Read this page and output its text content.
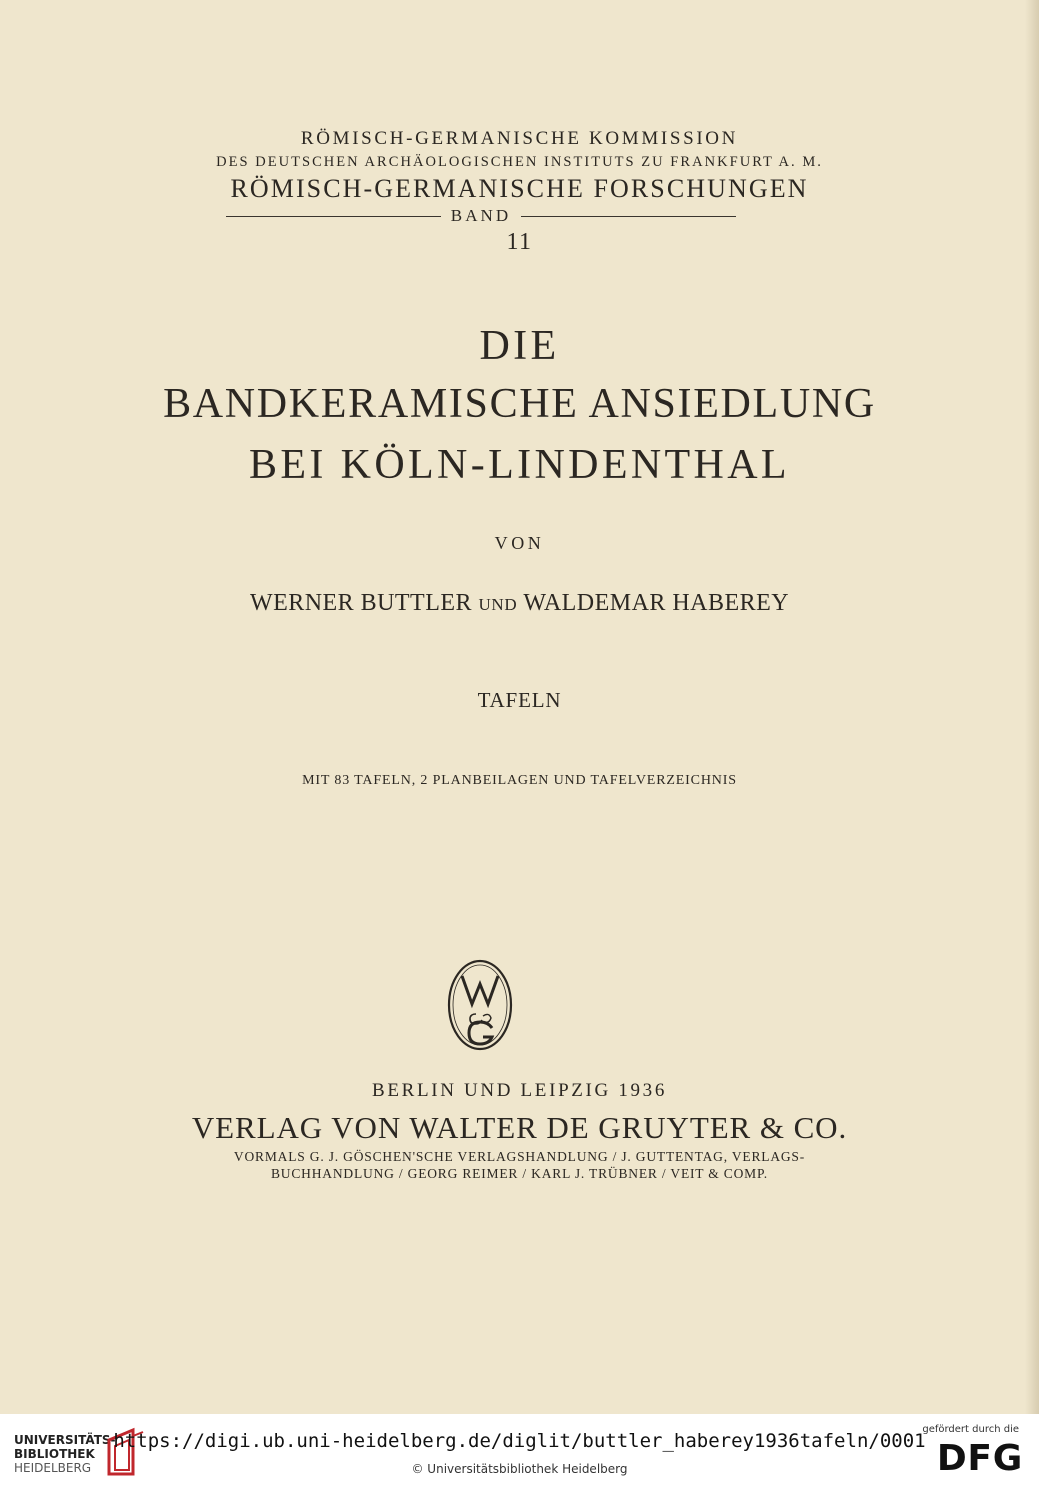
RÖMISCH-GERMANISCHE KOMMISSION
DES DEUTSCHEN ARCHÄOLOGISCHEN INSTITUTS ZU FRANKFURT A. M.
RÖMISCH-GERMANISCHE FORSCHUNGEN
BAND
11
DIE
BANDKERAMISCHE ANSIEDLUNG
BEI KÖLN-LINDENTHAL
VON
WERNER BUTTLER UND WALDEMAR HABEREY
TAFELN
MIT 83 TAFELN, 2 PLANBEILAGEN UND TAFELVERZEICHNIS
BERLIN UND LEIPZIG 1936
VERLAG VON WALTER DE GRUYTER & CO.
VORMALS G. J. GÖSCHEN'SCHE VERLAGSHANDLUNG / J. GUTTENTAG, VERLAGS-
BUCHHANDLUNG / GEORG REIMER / KARL J. TRÜBNER / VEIT & COMP.
UNIVERSITÄTS-
BIBLIOTHEK
HEIDELBERG
https://digi.ub.uni-heidelberg.de/diglit/buttler_haberey1936tafeln/0001
© Universitätsbibliothek Heidelberg
gefördert durch die
DFG
